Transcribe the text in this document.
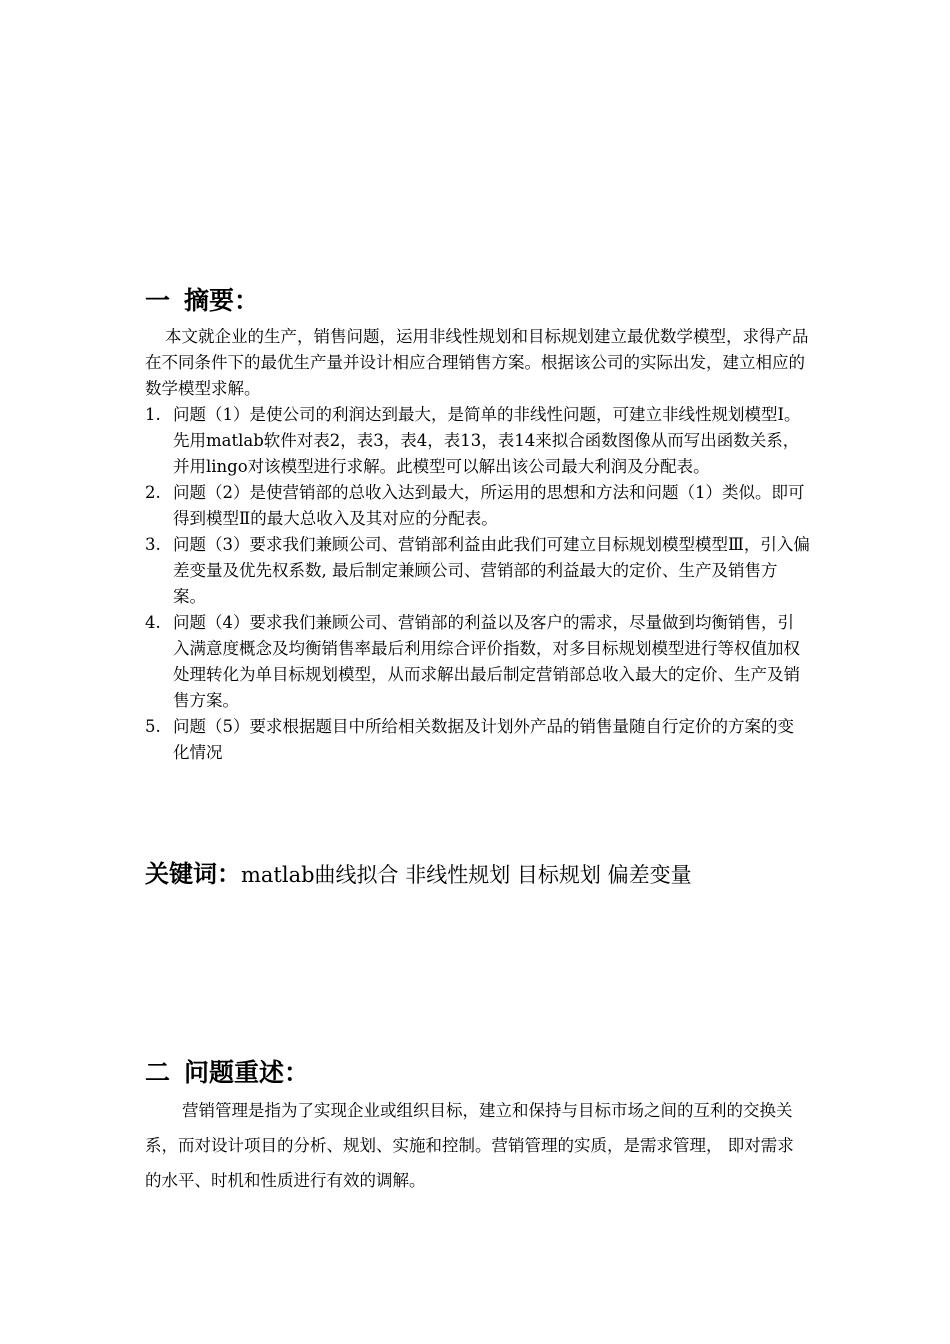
一 摘要：

本文就企业的生产，销售问题，运用非线性规划和目标规划建立最优数学模型，求得产品在不同条件下的最优生产量并设计相应合理销售方案。根据该公司的实际出发，建立相应的数学模型求解。

1. 问题（1）是使公司的利润达到最大，是简单的非线性问题，可建立非线性规划模型Ⅰ。先用matlab软件对表2，表3，表4，表13，表14来拟合函数图像从而写出函数关系，并用lingo对该模型进行求解。此模型可以解出该公司最大利润及分配表。
2. 问题（2）是使营销部的总收入达到最大，所运用的思想和方法和问题（1）类似。即可得到模型Ⅱ的最大总收入及其对应的分配表。
3. 问题（3）要求我们兼顾公司、营销部利益由此我们可建立目标规划模型模型Ⅲ，引入偏差变量及优先权系数, 最后制定兼顾公司、营销部的利益最大的定价、生产及销售方案。
4. 问题（4）要求我们兼顾公司、营销部的利益以及客户的需求，尽量做到均衡销售，引入满意度概念及均衡销售率最后利用综合评价指数，对多目标规划模型进行等权值加权处理转化为单目标规划模型，从而求解出最后制定营销部总收入最大的定价、生产及销售方案。
5. 问题（5）要求根据题目中所给相关数据及计划外产品的销售量随自行定价的方案的变化情况
关键词：matlab曲线拟合 非线性规划 目标规划 偏差变量
二 问题重述：

营销管理是指为了实现企业或组织目标，建立和保持与目标市场之间的互利的交换关系，而对设计项目的分析、规划、实施和控制。营销管理的实质，是需求管理， 即对需求的水平、时机和性质进行有效的调解。
